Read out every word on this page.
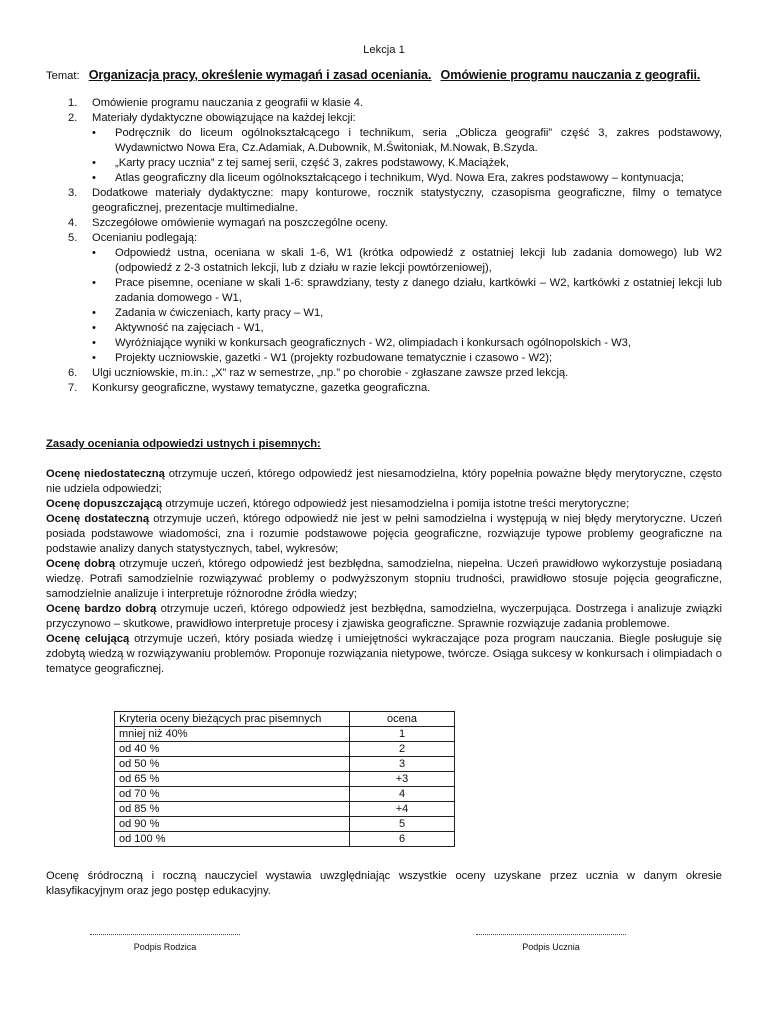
Lekcja 1
Temat: Organizacja pracy, określenie wymagań i zasad oceniania. Omówienie programu nauczania z geografii.
1. Omówienie programu nauczania z geografii w klasie 4.
2. Materiały dydaktyczne obowiązujące na każdej lekcji:
• Podręcznik do liceum ogólnokształcącego i technikum, seria „Oblicza geografii” część 3, zakres podstawowy, Wydawnictwo Nowa Era, Cz.Adamiak, A.Dubownik, M.Świtoniak, M.Nowak, B.Szyda.
• „Karty pracy ucznia” z tej samej serii, część 3, zakres podstawowy, K.Maciążek,
• Atlas geograficzny dla liceum ogólnokształcącego i technikum, Wyd. Nowa Era, zakres podstawowy – kontynuacja;
3. Dodatkowe materiały dydaktyczne: mapy konturowe, rocznik statystyczny, czasopisma geograficzne, filmy o tematyce geograficznej, prezentacje multimedialne.
4. Szczegółowe omówienie wymagań na poszczególne oceny.
5. Ocenianiu podlegają:
• Odpowiedź ustna, oceniana w skali 1-6, W1 (krótka odpowiedź z ostatniej lekcji lub zadania domowego) lub W2 (odpowiedź z 2-3 ostatnich lekcji, lub z działu w razie lekcji powtórzeniowej),
• Prace pisemne, oceniane w skali 1-6: sprawdziany, testy z danego działu, kartkówki – W2, kartkówki z ostatniej lekcji lub zadania domowego - W1,
• Zadania w ćwiczeniach, karty pracy – W1,
• Aktywność na zajęciach - W1,
• Wyróżniające wyniki w konkursach geograficznych - W2, olimpiadach i konkursach ogólnopolskich - W3,
• Projekty uczniowskie, gazetki - W1 (projekty rozbudowane tematycznie i czasowo - W2);
6. Ulgi uczniowskie, m.in.: „X” raz w semestrze, „np.” po chorobie - zgłaszane zawsze przed lekcją.
7. Konkursy geograficzne, wystawy tematyczne, gazetka geograficzna.
Zasady oceniania odpowiedzi ustnych i pisemnych:

Ocenę niedostateczną otrzymuje uczeń, którego odpowiedź jest niesamodzielna, który popełnia poważne błędy merytoryczne, często nie udziela odpowiedzi;

Ocenę dopuszczającą otrzymuje uczeń, którego odpowiedź jest niesamodzielna i pomija istotne treści merytoryczne;

Ocenę dostateczną otrzymuje uczeń, którego odpowiedź nie jest w pełni samodzielna i występują w niej błędy merytoryczne. Uczeń posiada podstawowe wiadomości, zna i rozumie podstawowe pojęcia geograficzne, rozwiązuje typowe problemy geograficzne na podstawie analizy danych statystycznych, tabel, wykresów;

Ocenę dobrą otrzymuje uczeń, którego odpowiedź jest bezbłędna, samodzielna, niepełna. Uczeń prawidłowo wykorzystuje posiadaną wiedzę. Potrafi samodzielnie rozwiązywać problemy o podwyższonym stopniu trudności, prawidłowo stosuje pojęcia geograficzne, samodzielnie analizuje i interpretuje różnorodne źródła wiedzy;

Ocenę bardzo dobrą otrzymuje uczeń, którego odpowiedź jest bezbłędna, samodzielna, wyczerpująca. Dostrzega i analizuje związki przyczynowo – skutkowe, prawidłowo interpretuje procesy i zjawiska geograficzne. Sprawnie rozwiązuje zadania problemowe.

Ocenę celującą otrzymuje uczeń, który posiada wiedzę i umiejętności wykraczające poza program nauczania. Biegle posługuje się zdobytą wiedzą w rozwiązywaniu problemów. Proponuje rozwiązania nietypowe, twórcze. Osiąga sukcesy w konkursach i olimpiadach o tematyce geograficznej.

Kryteria oceny bieżących prac pisemnych	ocena
mniej niż 40%	1
od 40 %	2
od 50 %	3
od 65 %	+3
od 70 %	4
od 85 %	+4
od 90 %	5
od 100 %	6

Ocenę śródroczną i roczną nauczyciel wystawia uwzględniając wszystkie oceny uzyskane przez ucznia w danym okresie klasyfikacyjnym oraz jego postęp edukacyjny.

Podpis Rodzica	Podpis Ucznia
